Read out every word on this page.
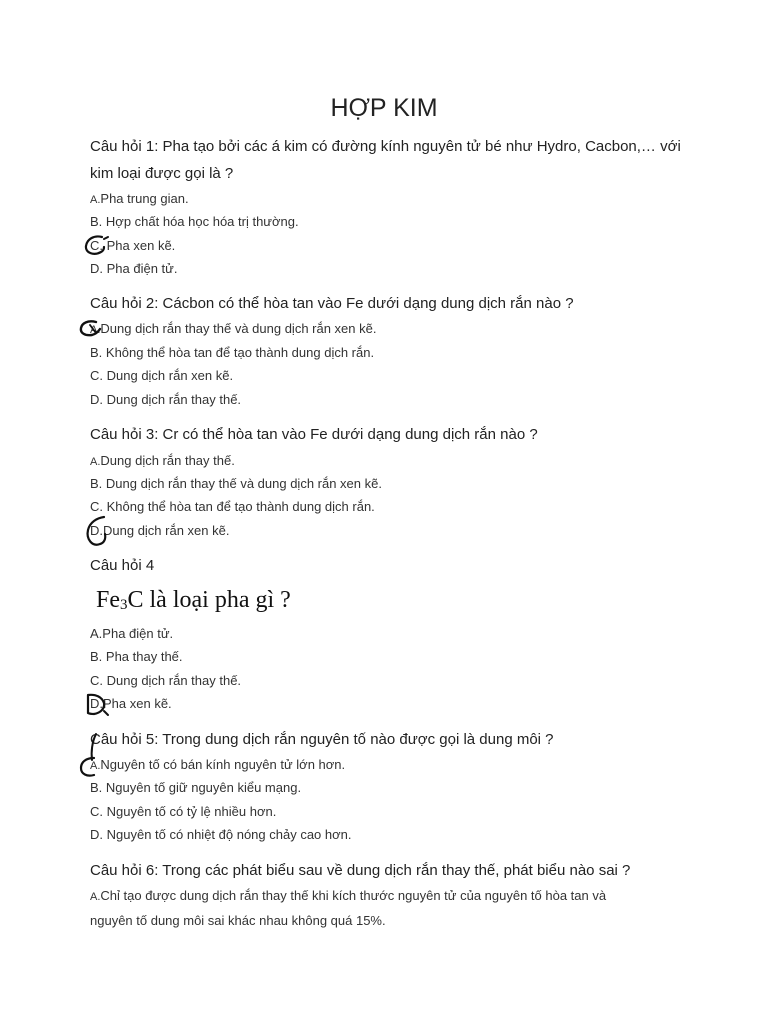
HỢP KIM
Câu hỏi 1: Pha tạo bởi các á kim có đường kính nguyên tử bé như Hydro, Cacbon,… với kim loại được gọi là ?
A.Pha trung gian.
B. Hợp chất hóa học hóa trị thường.
C. Pha xen kẽ.
D. Pha điện tử.
Câu hỏi 2: Cácbon có thể hòa tan vào Fe dưới dạng dung dịch rắn nào ?
A.Dung dịch rắn thay thế và dung dịch rắn xen kẽ.
B. Không thể hòa tan để tạo thành dung dịch rắn.
C. Dung dịch rắn xen kẽ.
D. Dung dịch rắn thay thế.
Câu hỏi 3: Cr có thể hòa tan vào Fe dưới dạng dung dịch rắn nào ?
A.Dung dịch rắn thay thế.
B. Dung dịch rắn thay thế và dung dịch rắn xen kẽ.
C. Không thể hòa tan để tạo thành dung dịch rắn.
D.Dung dịch rắn xen kẽ.
Câu hỏi 4
$Fe_3C$ là loại pha gì ?
A.Pha điện tử.
B. Pha thay thế.
C. Dung dịch rắn thay thế.
D.Pha xen kẽ.
Câu hỏi 5: Trong dung dịch rắn nguyên tố nào được gọi là dung môi ?
A.Nguyên tố có bán kính nguyên tử lớn hơn.
B. Nguyên tố giữ nguyên kiểu mạng.
C. Nguyên tố có tỷ lệ nhiều hơn.
D. Nguyên tố có nhiệt độ nóng chảy cao hơn.
Câu hỏi 6: Trong các phát biểu sau về dung dịch rắn thay thế, phát biểu nào sai ?
A.Chỉ tạo được dung dịch rắn thay thế khi kích thước nguyên tử của nguyên tố hòa tan và nguyên tố dung môi sai khác nhau không quá 15%.
